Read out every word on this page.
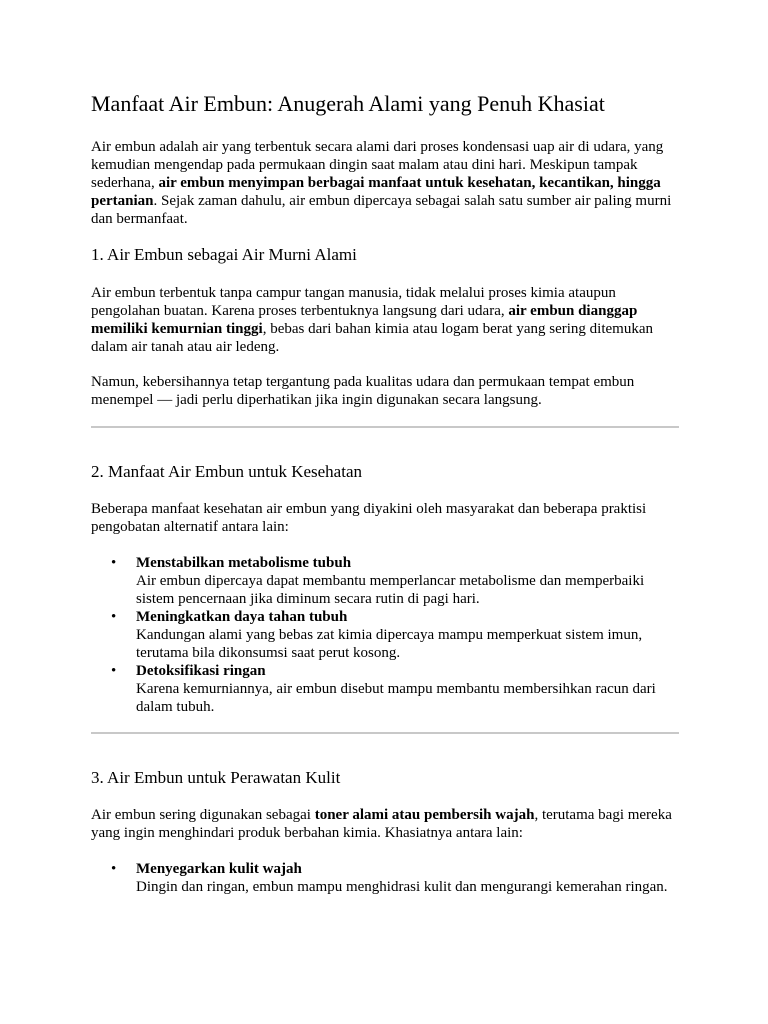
Manfaat Air Embun: Anugerah Alami yang Penuh Khasiat

Air embun adalah air yang terbentuk secara alami dari proses kondensasi uap air di udara, yang kemudian mengendap pada permukaan dingin saat malam atau dini hari. Meskipun tampak sederhana, air embun menyimpan berbagai manfaat untuk kesehatan, kecantikan, hingga pertanian. Sejak zaman dahulu, air embun dipercaya sebagai salah satu sumber air paling murni dan bermanfaat.

1. Air Embun sebagai Air Murni Alami

Air embun terbentuk tanpa campur tangan manusia, tidak melalui proses kimia ataupun pengolahan buatan. Karena proses terbentuknya langsung dari udara, air embun dianggap memiliki kemurnian tinggi, bebas dari bahan kimia atau logam berat yang sering ditemukan dalam air tanah atau air ledeng.

Namun, kebersihannya tetap tergantung pada kualitas udara dan permukaan tempat embun menempel — jadi perlu diperhatikan jika ingin digunakan secara langsung.

2. Manfaat Air Embun untuk Kesehatan

Beberapa manfaat kesehatan air embun yang diyakini oleh masyarakat dan beberapa praktisi pengobatan alternatif antara lain:

• Menstabilkan metabolisme tubuh
Air embun dipercaya dapat membantu memperlancar metabolisme dan memperbaiki sistem pencernaan jika diminum secara rutin di pagi hari.
• Meningkatkan daya tahan tubuh
Kandungan alami yang bebas zat kimia dipercaya mampu memperkuat sistem imun, terutama bila dikonsumsi saat perut kosong.
• Detoksifikasi ringan
Karena kemurniannya, air embun disebut mampu membantu membersihkan racun dari dalam tubuh.
3. Air Embun untuk Perawatan Kulit

Air embun sering digunakan sebagai toner alami atau pembersih wajah, terutama bagi mereka yang ingin menghindari produk berbahan kimia. Khasiatnya antara lain:

• Menyegarkan kulit wajah
Dingin dan ringan, embun mampu menghidrasi kulit dan mengurangi kemerahan ringan.
